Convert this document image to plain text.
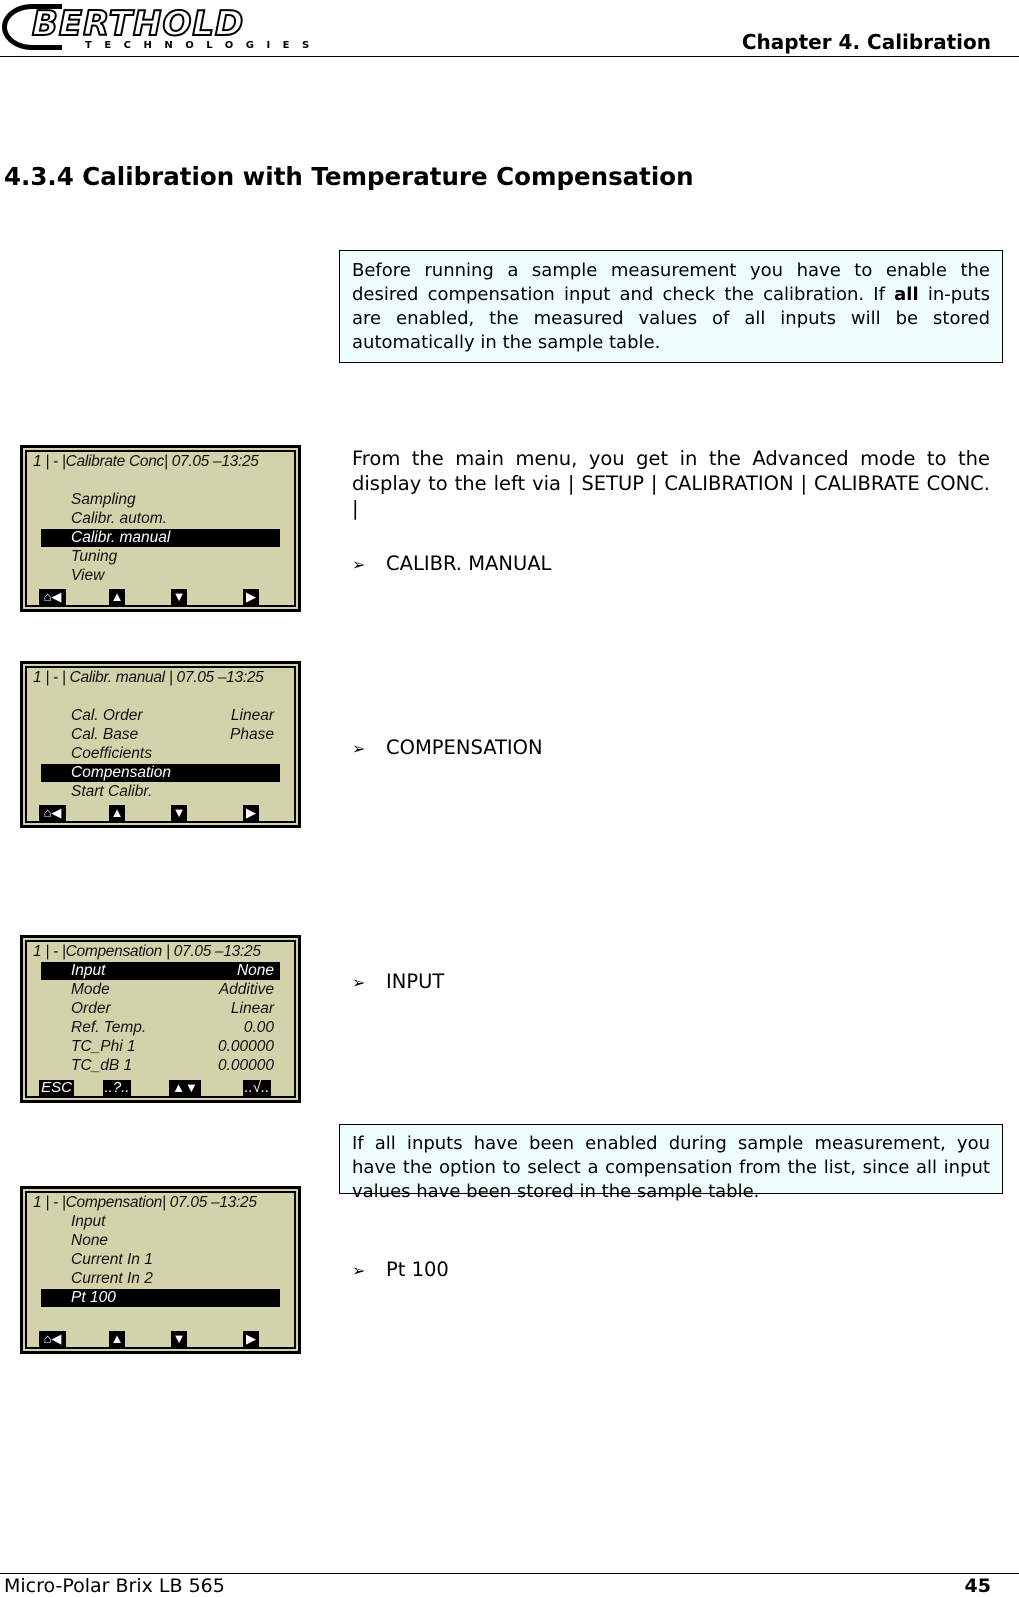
BERTHOLD
TECHNOLOGIES	Chapter 4. Calibration
4.3.4 Calibration with Temperature Compensation
Before running a sample measurement you have to enable the desired compensation input and check the calibration. If all in-puts are enabled, the measured values of all inputs will be stored automatically in the sample table.
From the main menu, you get in the Advanced mode to the display to the left via | SETUP | CALIBRATION | CALIBRATE CONC. |
➢ CALIBR. MANUAL
➢ COMPENSATION
➢ INPUT
➢ Pt 100
If all inputs have been enabled during sample measurement, you have the option to select a compensation from the list, since all input values have been stored in the sample table.
1 | - |Calibrate Conc| 07.05 –13:25
Sampling
Calibr. autom.
Calibr. manual
Tuning
View
⌂◀	▲	▼	▶
1 | - | Calibr. manual | 07.05 –13:25
Cal. Order	Linear
Cal. Base	Phase
Coefficients
Compensation
Start Calibr.
⌂◀	▲	▼	▶
1 | - |Compensation | 07.05 –13:25
Input	None
Mode	Additive
Order	Linear
Ref. Temp.	0.00
TC_Phi 1	0.00000
TC_dB 1	0.00000
ESC ..?..	▲▼	..√..
1 | - |Compensation| 07.05 –13:25
Input
None
Current In 1
Current In 2
Pt 100
⌂◀	▲	▼	▶
Micro-Polar Brix LB 565	45
